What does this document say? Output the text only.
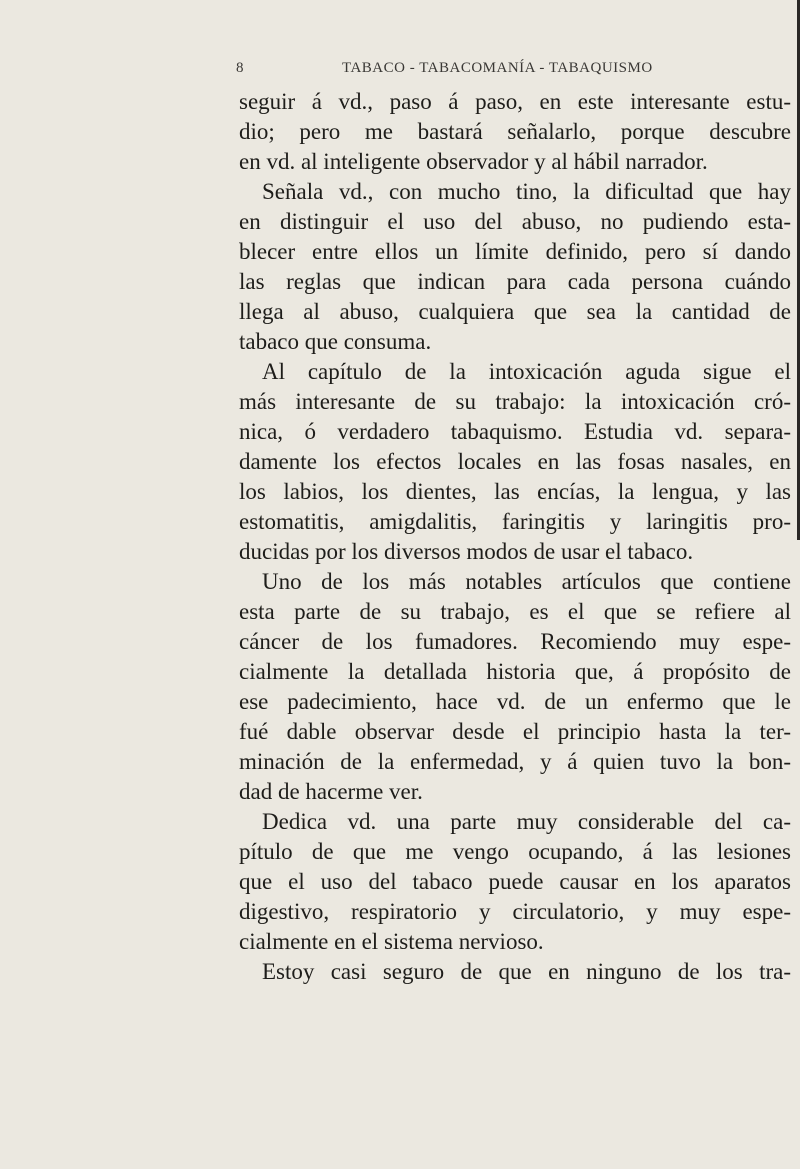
8	TABACO - TABACOMANÍA - TABAQUISMO
seguir á vd., paso á paso, en este interesante estu-
dio; pero me bastará señalarlo, porque descubre
en vd. al inteligente observador y al hábil narrador.
Señala vd., con mucho tino, la dificultad que hay
en distinguir el uso del abuso, no pudiendo esta-
blecer entre ellos un límite definido, pero sí dando
las reglas que indican para cada persona cuándo
llega al abuso, cualquiera que sea la cantidad de
tabaco que consuma.
Al capítulo de la intoxicación aguda sigue el
más interesante de su trabajo: la intoxicación cró-
nica, ó verdadero tabaquismo. Estudia vd. separa-
damente los efectos locales en las fosas nasales, en
los labios, los dientes, las encías, la lengua, y las
estomatitis, amigdalitis, faringitis y laringitis pro-
ducidas por los diversos modos de usar el tabaco.
Uno de los más notables artículos que contiene
esta parte de su trabajo, es el que se refiere al
cáncer de los fumadores. Recomiendo muy espe-
cialmente la detallada historia que, á propósito de
ese padecimiento, hace vd. de un enfermo que le
fué dable observar desde el principio hasta la ter-
minación de la enfermedad, y á quien tuvo la bon-
dad de hacerme ver.
Dedica vd. una parte muy considerable del ca-
pítulo de que me vengo ocupando, á las lesiones
que el uso del tabaco puede causar en los aparatos
digestivo, respiratorio y circulatorio, y muy espe-
cialmente en el sistema nervioso.
Estoy casi seguro de que en ninguno de los tra-
